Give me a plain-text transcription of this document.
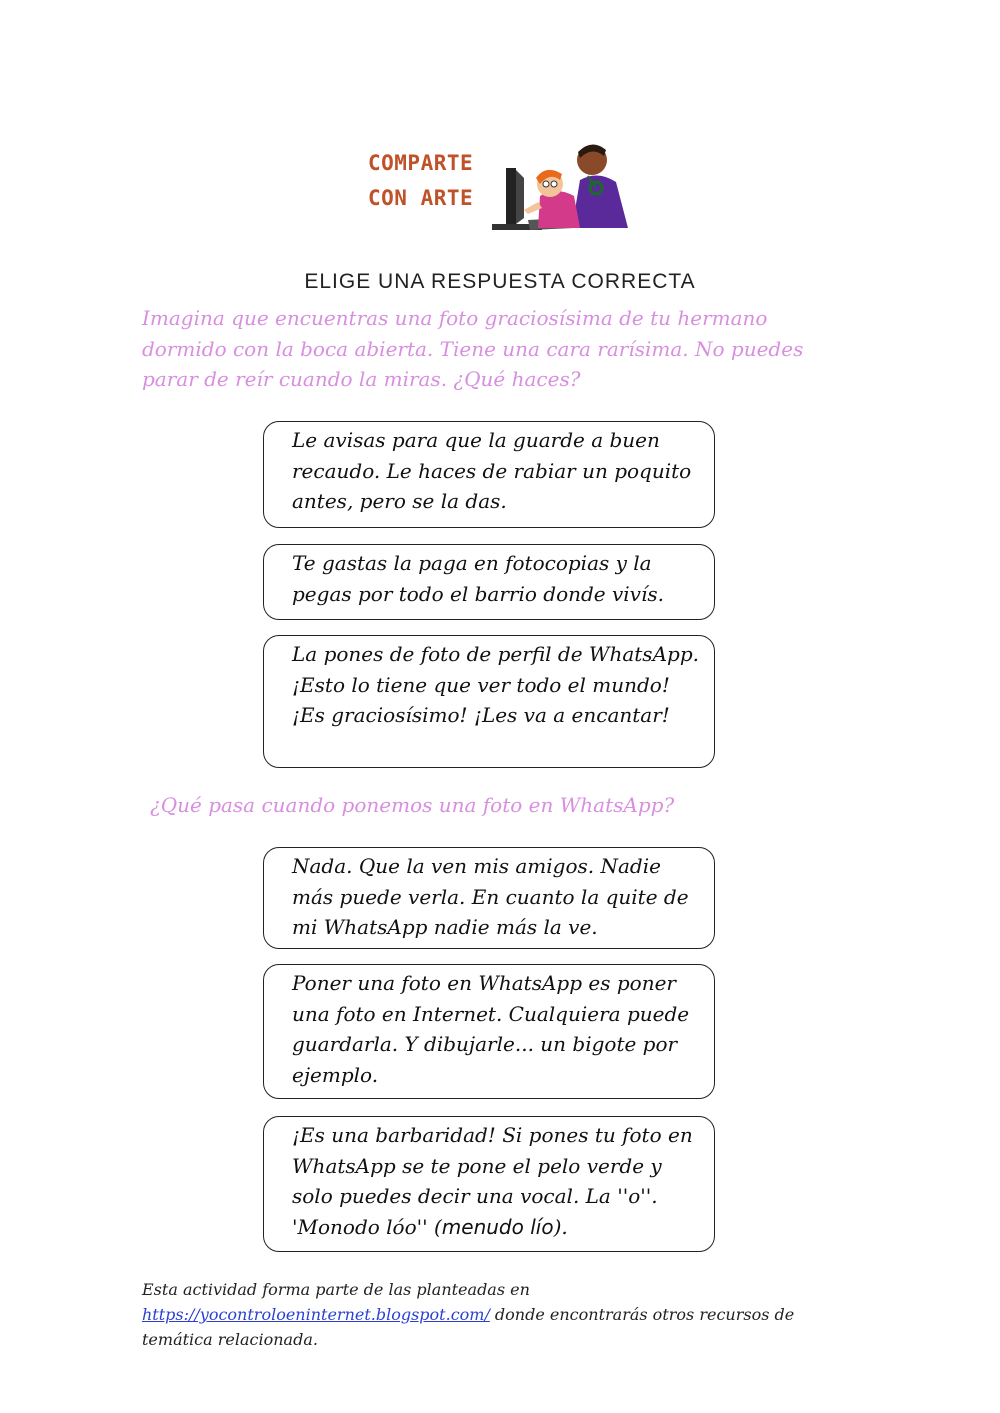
COMPARTE
CON ARTE
ELIGE UNA RESPUESTA CORRECTA
Imagina que encuentras una foto graciosísima de tu hermano dormido con la boca abierta. Tiene una cara rarísima. No puedes parar de reír cuando la miras. ¿Qué haces?
Le avisas para que la guarde a buen recaudo. Le haces de rabiar un poquito antes, pero se la das.
Te gastas la paga en fotocopias y la pegas por todo el barrio donde vivís.
La pones de foto de perfil de WhatsApp. ¡Esto lo tiene que ver todo el mundo! ¡Es graciosísimo! ¡Les va a encantar!
¿Qué pasa cuando ponemos una foto en WhatsApp?
Nada. Que la ven mis amigos. Nadie más puede verla. En cuanto la quite de mi WhatsApp nadie más la ve.
Poner una foto en WhatsApp es poner una foto en Internet. Cualquiera puede guardarla. Y dibujarle... un bigote por ejemplo.
¡Es una barbaridad! Si pones tu foto en WhatsApp se te pone el pelo verde y solo puedes decir una vocal. La ''o''. 'Monodo lóo'' (menudo lío).
Esta actividad forma parte de las planteadas en
https://yocontroloeninternet.blogspot.com/ donde encontrarás otros recursos de temática relacionada.
